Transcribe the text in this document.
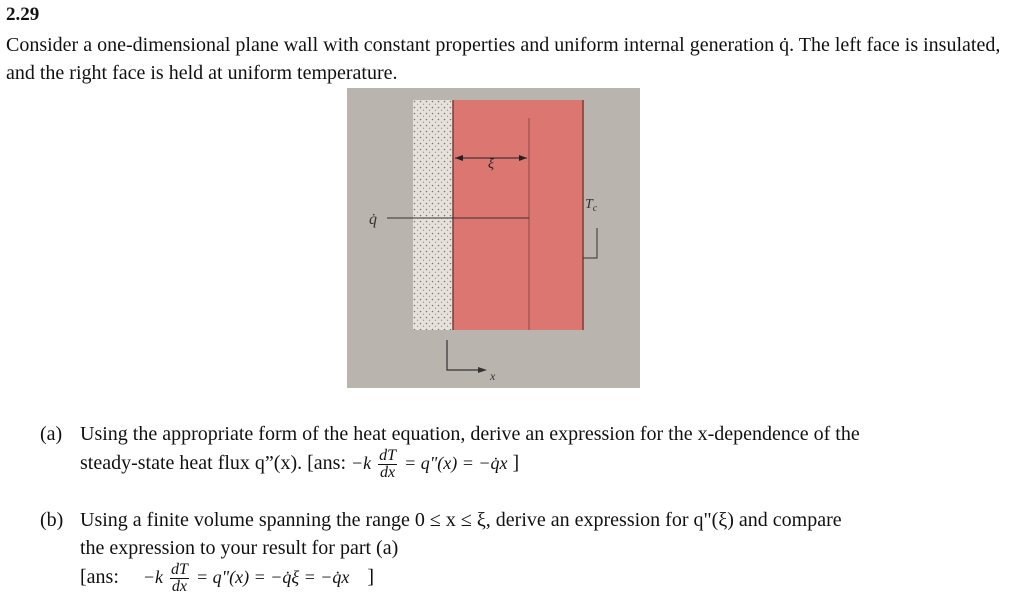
2.29
Consider a one-dimensional plane wall with constant properties and uniform internal generation q̇. The left face is insulated, and the right face is held at uniform temperature.
ξ
q̇
$T_c$
x
(a) Using the appropriate form of the heat equation, derive an expression for the x-dependence of the
steady-state heat flux q”(x). [ans: $-k \frac{dT}{dx}$ = q"(x) = −q̇x ]
(b) Using a finite volume spanning the range 0 ≤ x ≤ ξ, derive an expression for q"(ξ) and compare
the expression to your result for part (a)
[ans: $-k \frac{dT}{dx}$ = q"(x) = −q̇ξ = −q̇x ]
